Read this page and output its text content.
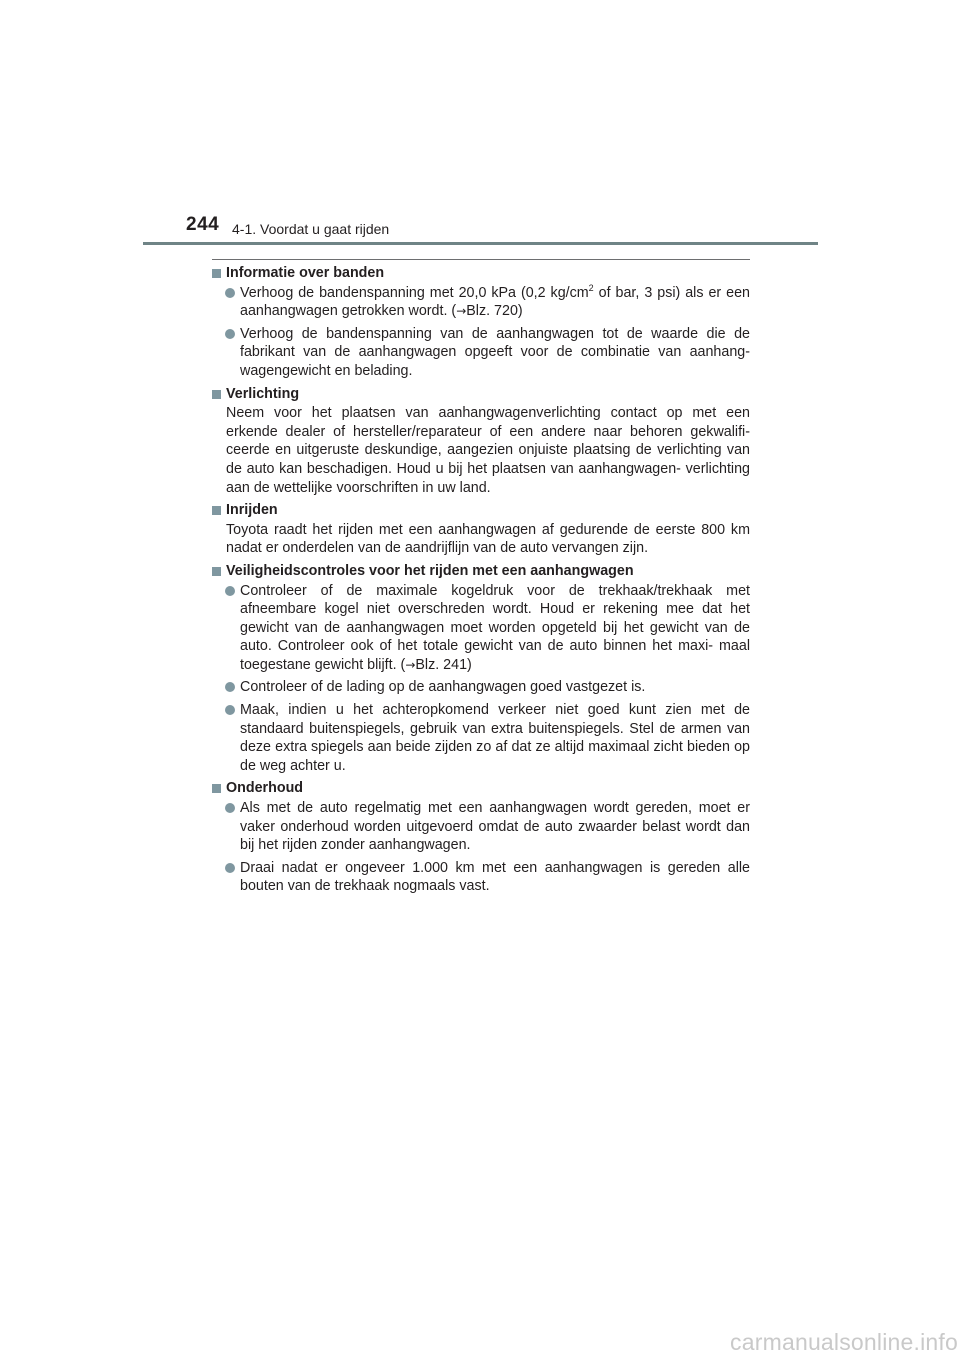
244 4-1. Voordat u gaat rijden
Informatie over banden
Verhoog de bandenspanning met 20,0 kPa (0,2 $kg/cm^2$ of bar, 3 psi) als er een aanhangwagen getrokken wordt. (→Blz. 720)
Verhoog de bandenspanning van de aanhangwagen tot de waarde die de fabrikant van de aanhangwagen opgeeft voor de combinatie van aanhang- wagengewicht en belading.
Verlichting
Neem voor het plaatsen van aanhangwagenverlichting contact op met een erkende dealer of hersteller/reparateur of een andere naar behoren gekwalifi- ceerde en uitgeruste deskundige, aangezien onjuiste plaatsing de verlichting van de auto kan beschadigen. Houd u bij het plaatsen van aanhangwagen- verlichting aan de wettelijke voorschriften in uw land.
Inrijden
Toyota raadt het rijden met een aanhangwagen af gedurende de eerste 800 km nadat er onderdelen van de aandrijflijn van de auto vervangen zijn.
Veiligheidscontroles voor het rijden met een aanhangwagen
Controleer of de maximale kogeldruk voor de trekhaak/trekhaak met afneembare kogel niet overschreden wordt. Houd er rekening mee dat het gewicht van de aanhangwagen moet worden opgeteld bij het gewicht van de auto. Controleer ook of het totale gewicht van de auto binnen het maxi- maal toegestane gewicht blijft. (→Blz. 241)
Controleer of de lading op de aanhangwagen goed vastgezet is.
Maak, indien u het achteropkomend verkeer niet goed kunt zien met de standaard buitenspiegels, gebruik van extra buitenspiegels. Stel de armen van deze extra spiegels aan beide zijden zo af dat ze altijd maximaal zicht bieden op de weg achter u.
Onderhoud
Als met de auto regelmatig met een aanhangwagen wordt gereden, moet er vaker onderhoud worden uitgevoerd omdat de auto zwaarder belast wordt dan bij het rijden zonder aanhangwagen.
Draai nadat er ongeveer 1.000 km met een aanhangwagen is gereden alle bouten van de trekhaak nogmaals vast.
carmanualsonline.info
